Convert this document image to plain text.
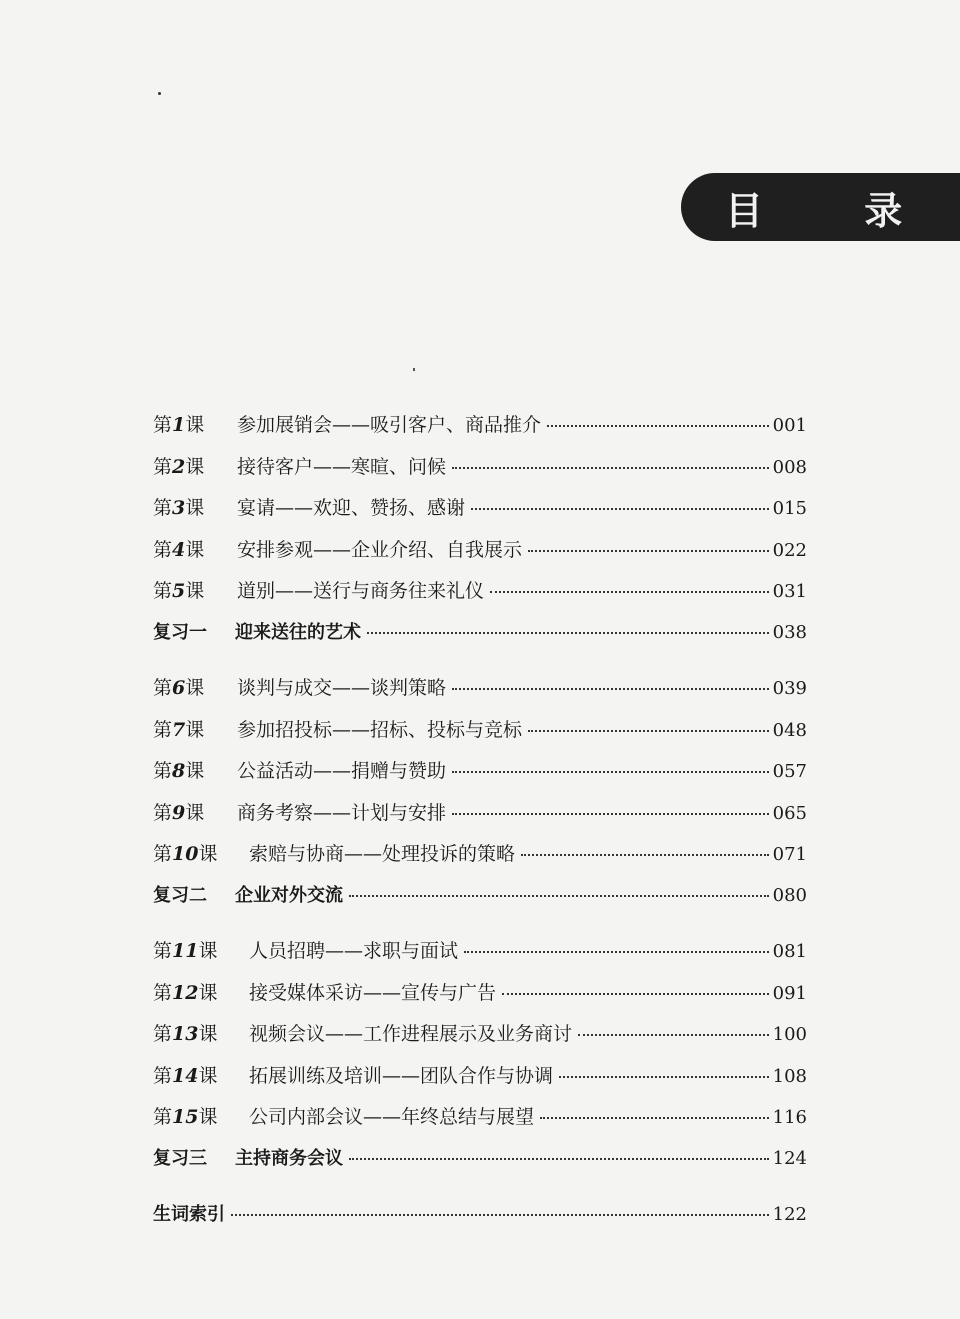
目 录
第1课	参加展销会——吸引客户、商品推介	001
第2课	接待客户——寒暄、问候	008
第3课	宴请——欢迎、赞扬、感谢	015
第4课	安排参观——企业介绍、自我展示	022
第5课	道别——送行与商务往来礼仪	031
复习一	迎来送往的艺术	038
第6课	谈判与成交——谈判策略	039
第7课	参加招投标——招标、投标与竞标	048
第8课	公益活动——捐赠与赞助	057
第9课	商务考察——计划与安排	065
第10课	索赔与协商——处理投诉的策略	071
复习二	企业对外交流	080
第11课	人员招聘——求职与面试	081
第12课	接受媒体采访——宣传与广告	091
第13课	视频会议——工作进程展示及业务商讨	100
第14课	拓展训练及培训——团队合作与协调	108
第15课	公司内部会议——年终总结与展望	116
复习三	主持商务会议	124
生词索引	122
